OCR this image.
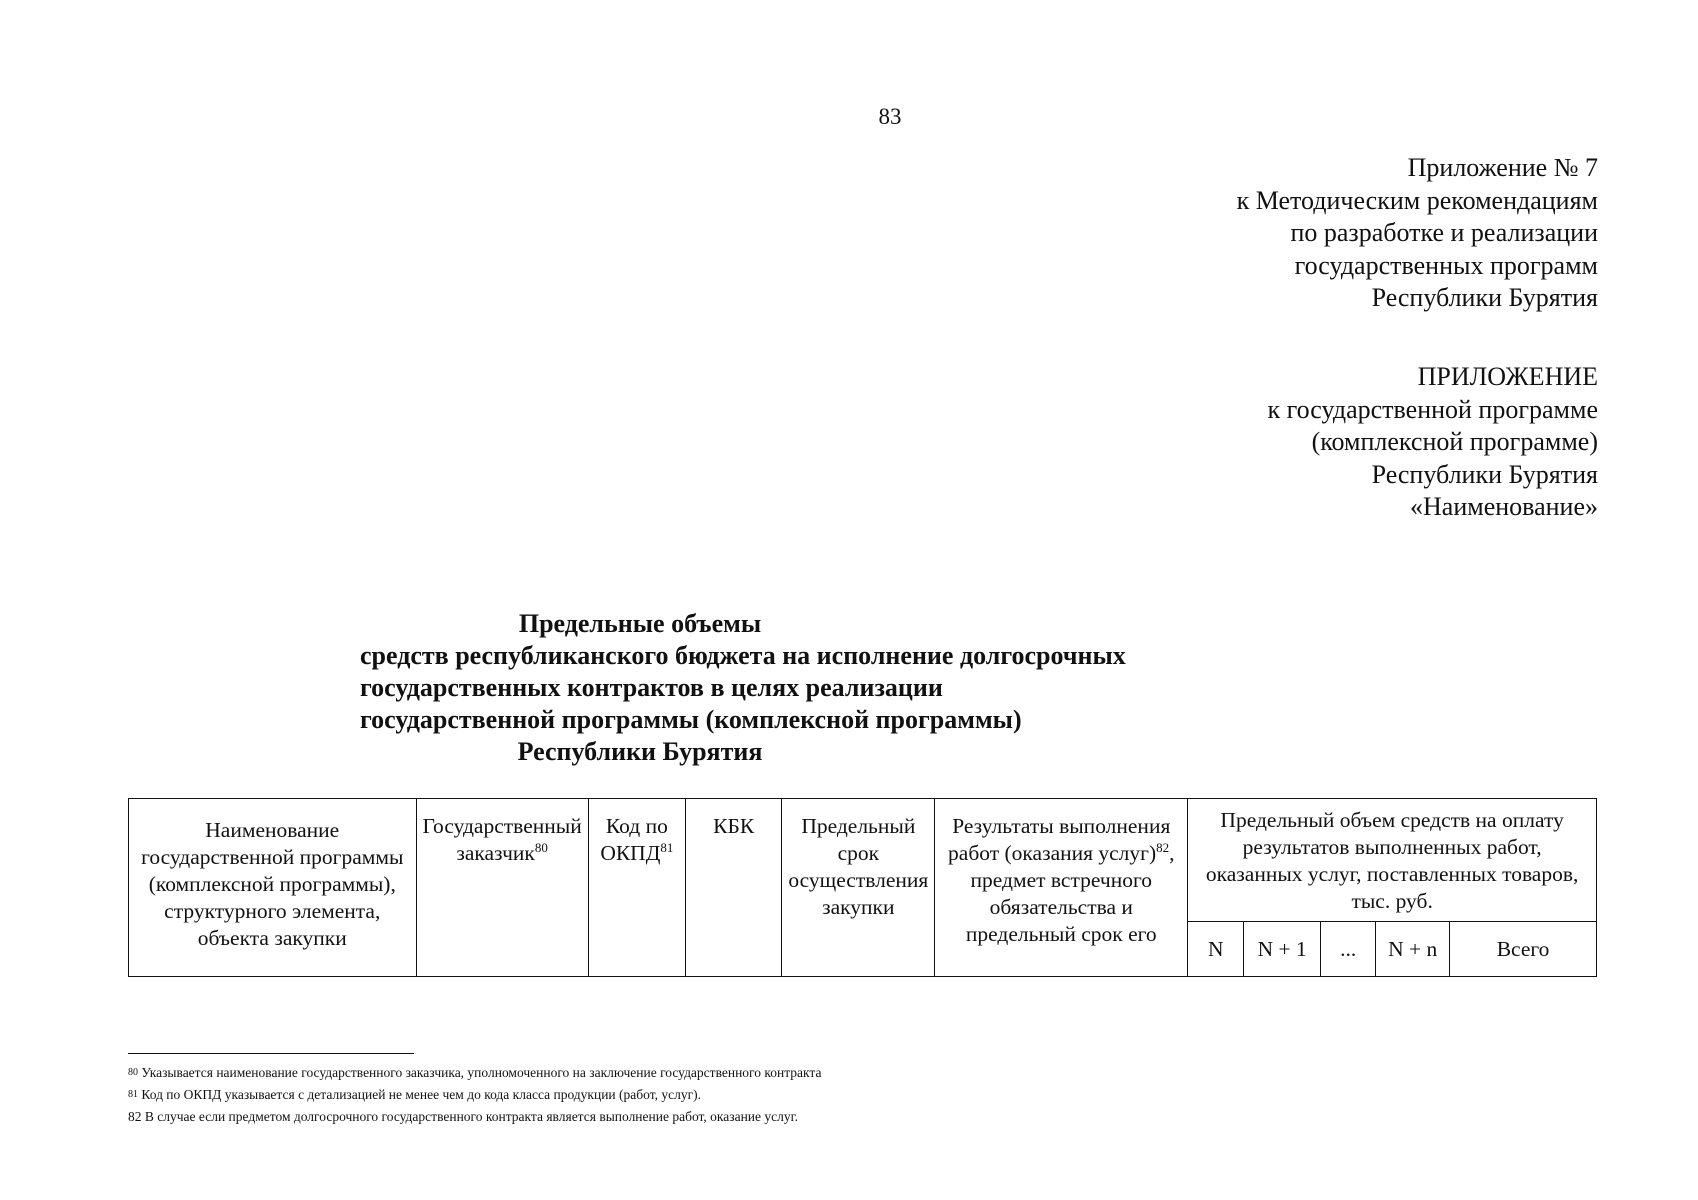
83
Приложение № 7
к Методическим рекомендациям
по разработке и реализации
государственных программ
Республики Бурятия
ПРИЛОЖЕНИЕ
к государственной программе
(комплексной программе)
Республики Бурятия
«Наименование»
Предельные объемы
средств республиканского бюджета на исполнение долгосрочных
государственных контрактов в целях реализации
государственной программы (комплексной программы)
Республики Бурятия
Наименование государственной программы (комплексной программы), структурного элемента, объекта закупки	Государственный заказчик$^{80}$	Код по ОКПД$^{81}$	КБК	Предельный срок осуществления закупки	Результаты выполнения работ (оказания услуг)$^{82}$, предмет встречного обязательства и предельный срок его	Предельный объем средств на оплату результатов выполненных работ, оказанных услуг, поставленных товаров, тыс. руб.				
						N	N + 1	...	N + n	Всего
$^{80}$ Указывается наименование государственного заказчика, уполномоченного на заключение государственного контракта
$^{81}$ Код по ОКПД указывается с детализацией не менее чем до кода класса продукции (работ, услуг).
82 В случае если предметом долгосрочного государственного контракта является выполнение работ, оказание услуг.
